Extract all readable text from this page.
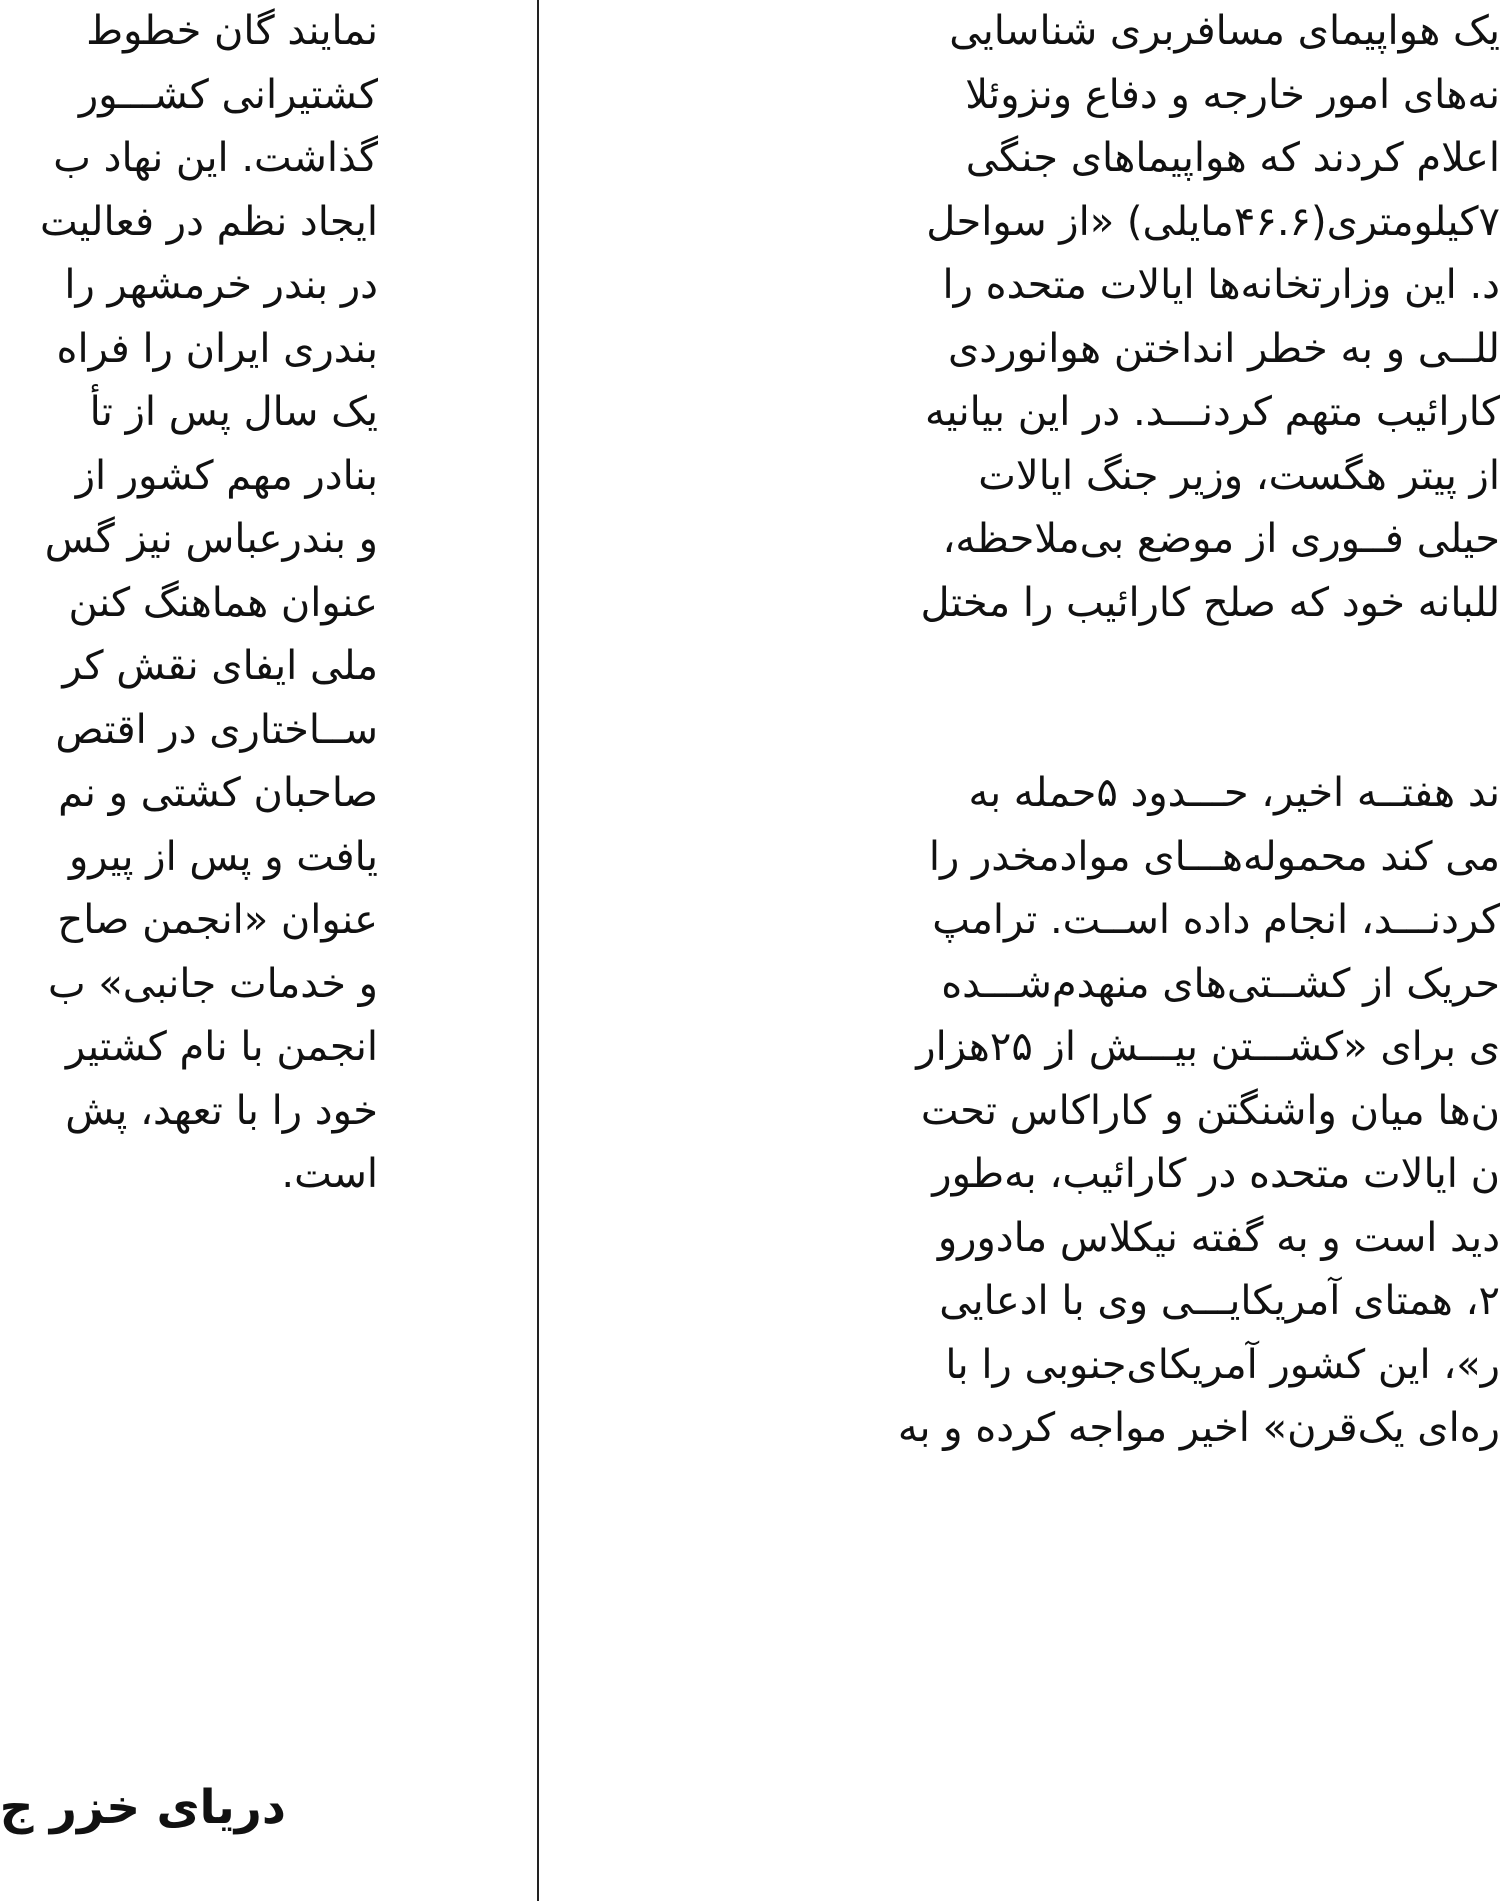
نمایند گان خطوط
کشتیرانی کشـــور
گذاشت. این نهاد ب
ایجاد نظم در فعالیت
در بندر خرمشهر را
بندری ایران را فراه
یک سال پس از تأ
بنادر مهم کشور از
و بندرعباس نیز گس
عنوان هماهنگ کنن
ملی ایفای نقش کر
ســاختاری در اقتص
صاحبان کشتی و نم
یافت و پس از پیرو
عنوان «انجمن صاح
و خدمات جانبی» ب
انجمن با نام کشتیر
خود را با تعهد، پش
است.
دریای خزر ج
یک هواپیمای مسافربری شناسایی
نه‌های امور خارجه و دفاع ونزوئلا
اعلام کردند که هواپیماهای جنگی
۷کیلومتری(۴۶.۶مایلی) «از سواحل
د. این وزارتخانه‌ها ایالات متحده را
للــی و به خطر انداختن هوانوردی
کارائیب متهم کردنـــد. در این بیانیه
از پیتر هگست، وزیر جنگ ایالات
حیلی فــوری از موضع بی‌ملاحظه،
للبانه خود که صلح کارائیب را مختل
ند هفتــه اخیر، حـــدود ۵حمله به
می کند محموله‌هـــای موادمخدر را
کردنـــد، انجام داده اســت. ترامپ
حریک از کشــتی‌های منهدم‌شـــده
ی برای «کشـــتن بیـــش از ۲۵هزار
ن‌ها میان واشنگتن و کاراکاس تحت
ن ایالات متحده در کارائیب، به‌طور
دید است و به گفته نیکلاس مادورو
۲، همتای آمریکایـــی وی با ادعایی
ر»، این کشور آمریکای‌جنوبی را با
ره‌ای یک‌قرن» اخیر مواجه کرده و به
